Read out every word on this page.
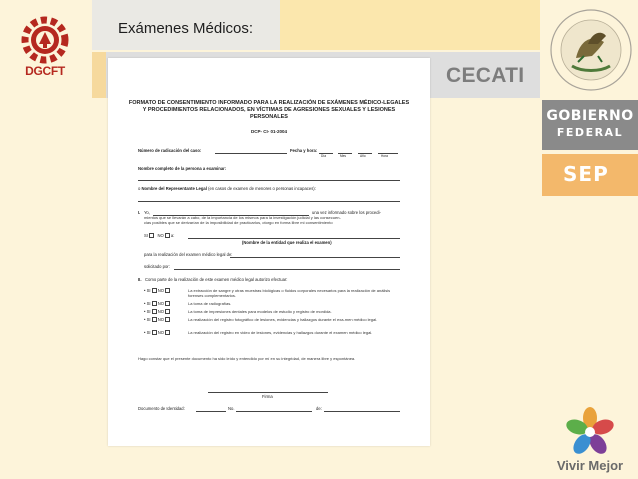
DGCFT
Exámenes Médicos:
CECATI
GOBIERNO
FEDERAL
SEP
Vivir Mejor
FORMATO DE CONSENTIMIENTO INFORMADO PARA LA REALIZACIÓN DE EXÁMENES MÉDICO-LEGALES Y PROCEDIMIENTOS RELACIONADOS, EN VÍCTIMAS DE AGRESIONES SEXUALES Y LESIONES PERSONALES
DCP- CI- 01-2004
Número de radicación del caso:	Fecha y hora:
Día	Mes	Año	Hora
Nombre completo de la persona a examinar:
o Nombre del Representante Legal (en casos de examen de menores o personas incapaces):
I. Yo,	una vez informado sobre los procedi-
mientos que se llevarán a cabo, de la importancia de los mismos para la investigación judicial y las consecuen-
cias posibles que se derivarían de la imposibilidad de practicarlos, otorgo en forma libre mi consentimiento
SI NO a:
(Nombre de la entidad que realiza el examen)
para la realización del examen médico legal de:
solicitado por:
II. Como parte de la realización de este examen médico legal autorizo efectuar:
• SI NO	La extracción de sangre y otras muestras biológicas o fluidos corporales necesarios para la realización de análisis forenses complementarios.
• SI NO	La toma de radiografías.
• SI NO	La toma de impresiones dentales para modelos de estudio y registro de mordida.
• SI NO	La realización del registro fotográfico de lesiones, evidencias y hallazgos durante el exa-men médico legal.
• SI NO	La realización del registro en video de lesiones, evidencias y hallazgos durante el examen médico legal.
Hago constar que el presente documento ha sido leído y entendido por mí en su integridad, de manera libre y espontánea.
Firma
Documento de Identidad:	No.	de:
